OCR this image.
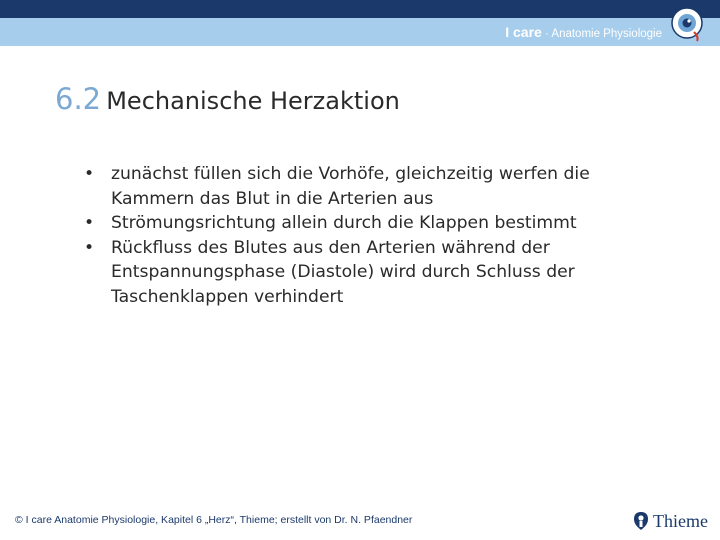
I care · Anatomie Physiologie
6.2 Mechanische Herzaktion
• zunächst füllen sich die Vorhöfe, gleichzeitig werfen die Kammern das Blut in die Arterien aus
• Strömungsrichtung allein durch die Klappen bestimmt
• Rückfluss des Blutes aus den Arterien während der Entspannungsphase (Diastole) wird durch Schluss der Taschenklappen verhindert
© I care Anatomie Physiologie, Kapitel 6 „Herz“, Thieme; erstellt von Dr. N. Pfaendner	Thieme
